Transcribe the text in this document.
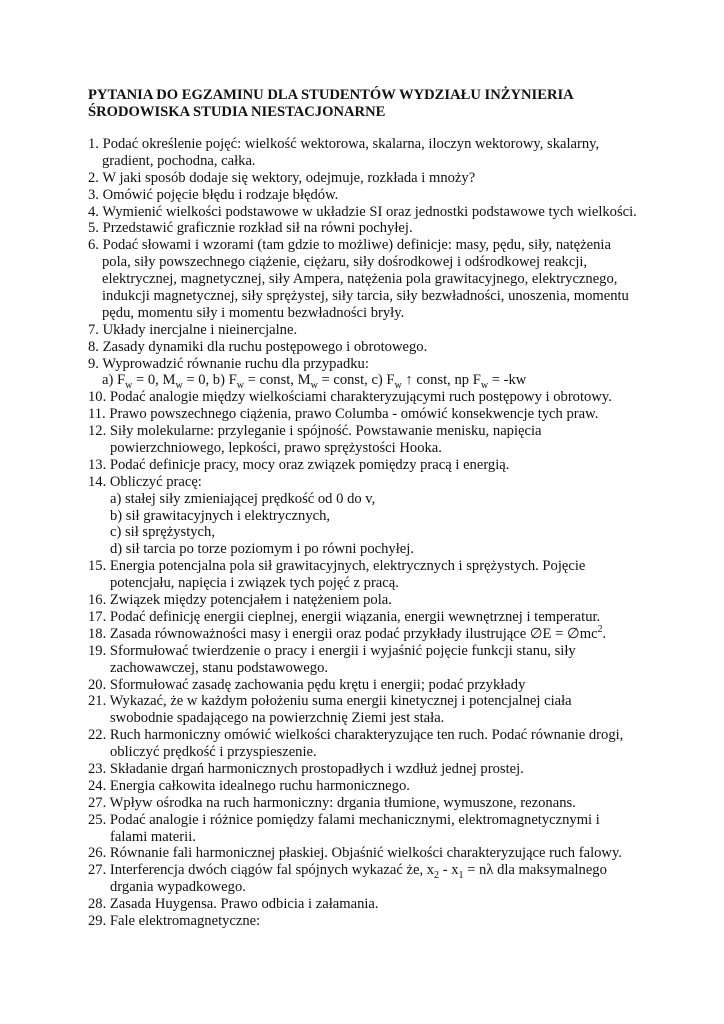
PYTANIA DO EGZAMINU DLA STUDENTÓW WYDZIAŁU INŻYNIERIA
ŚRODOWISKA STUDIA NIESTACJONARNE
1. Podać określenie pojęć: wielkość wektorowa, skalarna, iloczyn wektorowy, skalarny,
gradient, pochodna, całka.
2. W jaki sposób dodaje się wektory, odejmuje, rozkłada i mnoży?
3. Omówić pojęcie błędu i rodzaje błędów.
4. Wymienić wielkości podstawowe w układzie SI oraz jednostki podstawowe tych wielkości.
5. Przedstawić graficznie rozkład sił na równi pochyłej.
6. Podać słowami i wzorami (tam gdzie to możliwe) definicje: masy, pędu, siły, natężenia
pola, siły powszechnego ciążenie, ciężaru, siły dośrodkowej i odśrodkowej reakcji,
elektrycznej, magnetycznej, siły Ampera, natężenia pola grawitacyjnego, elektrycznego,
indukcji magnetycznej, siły sprężystej, siły tarcia, siły bezwładności, unoszenia, momentu
pędu, momentu siły i momentu bezwładności bryły.
7. Układy inercjalne i nieinercjalne.
8. Zasady dynamiki dla ruchu postępowego i obrotowego.
9. Wyprowadzić równanie ruchu dla przypadku:
a) $F_w = 0$, $M_w = 0$, b) $F_w$ = const, $M_w$ = const, c) $F_w$ ↑ const, np $F_w = -kw$
10. Podać analogie między wielkościami charakteryzującymi ruch postępowy i obrotowy.
11. Prawo powszechnego ciążenia, prawo Columba - omówić konsekwencje tych praw.
12. Siły molekularne: przyleganie i spójność. Powstawanie menisku, napięcia
powierzchniowego, lepkości, prawo sprężystości Hooka.
13. Podać definicje pracy, mocy oraz związek pomiędzy pracą i energią.
14. Obliczyć pracę:
a) stałej siły zmieniającej prędkość od 0 do v,
b) sił grawitacyjnych i elektrycznych,
c) sił sprężystych,
d) sił tarcia po torze poziomym i po równi pochyłej.
15. Energia potencjalna pola sił grawitacyjnych, elektrycznych i sprężystych. Pojęcie
potencjału, napięcia i związek tych pojęć z pracą.
16. Związek między potencjałem i natężeniem pola.
17. Podać definicję energii cieplnej, energii wiązania, energii wewnętrznej i temperatur.
18. Zasada równoważności masy i energii oraz podać przykłady ilustrujące ∅E = $\emptyset mc^2$.
19. Sformułować twierdzenie o pracy i energii i wyjaśnić pojęcie funkcji stanu, siły
zachowawczej, stanu podstawowego.
20. Sformułować zasadę zachowania pędu krętu i energii; podać przykłady
21. Wykazać, że w każdym położeniu suma energii kinetycznej i potencjalnej ciała
swobodnie spadającego na powierzchnię Ziemi jest stała.
22. Ruch harmoniczny omówić wielkości charakteryzujące ten ruch. Podać równanie drogi,
obliczyć prędkość i przyspieszenie.
23. Składanie drgań harmonicznych prostopadłych i wzdłuż jednej prostej.
24. Energia całkowita idealnego ruchu harmonicznego.
27. Wpływ ośrodka na ruch harmoniczny: drgania tłumione, wymuszone, rezonans.
25. Podać analogie i różnice pomiędzy falami mechanicznymi, elektromagnetycznymi i
falami materii.
26. Równanie fali harmonicznej płaskiej. Objaśnić wielkości charakteryzujące ruch falowy.
27. Interferencja dwóch ciągów fal spójnych wykazać że, $x_2 - x_1 = n\lambda$ dla maksymalnego
drgania wypadkowego.
28. Zasada Huygensa. Prawo odbicia i załamania.
29. Fale elektromagnetyczne:
